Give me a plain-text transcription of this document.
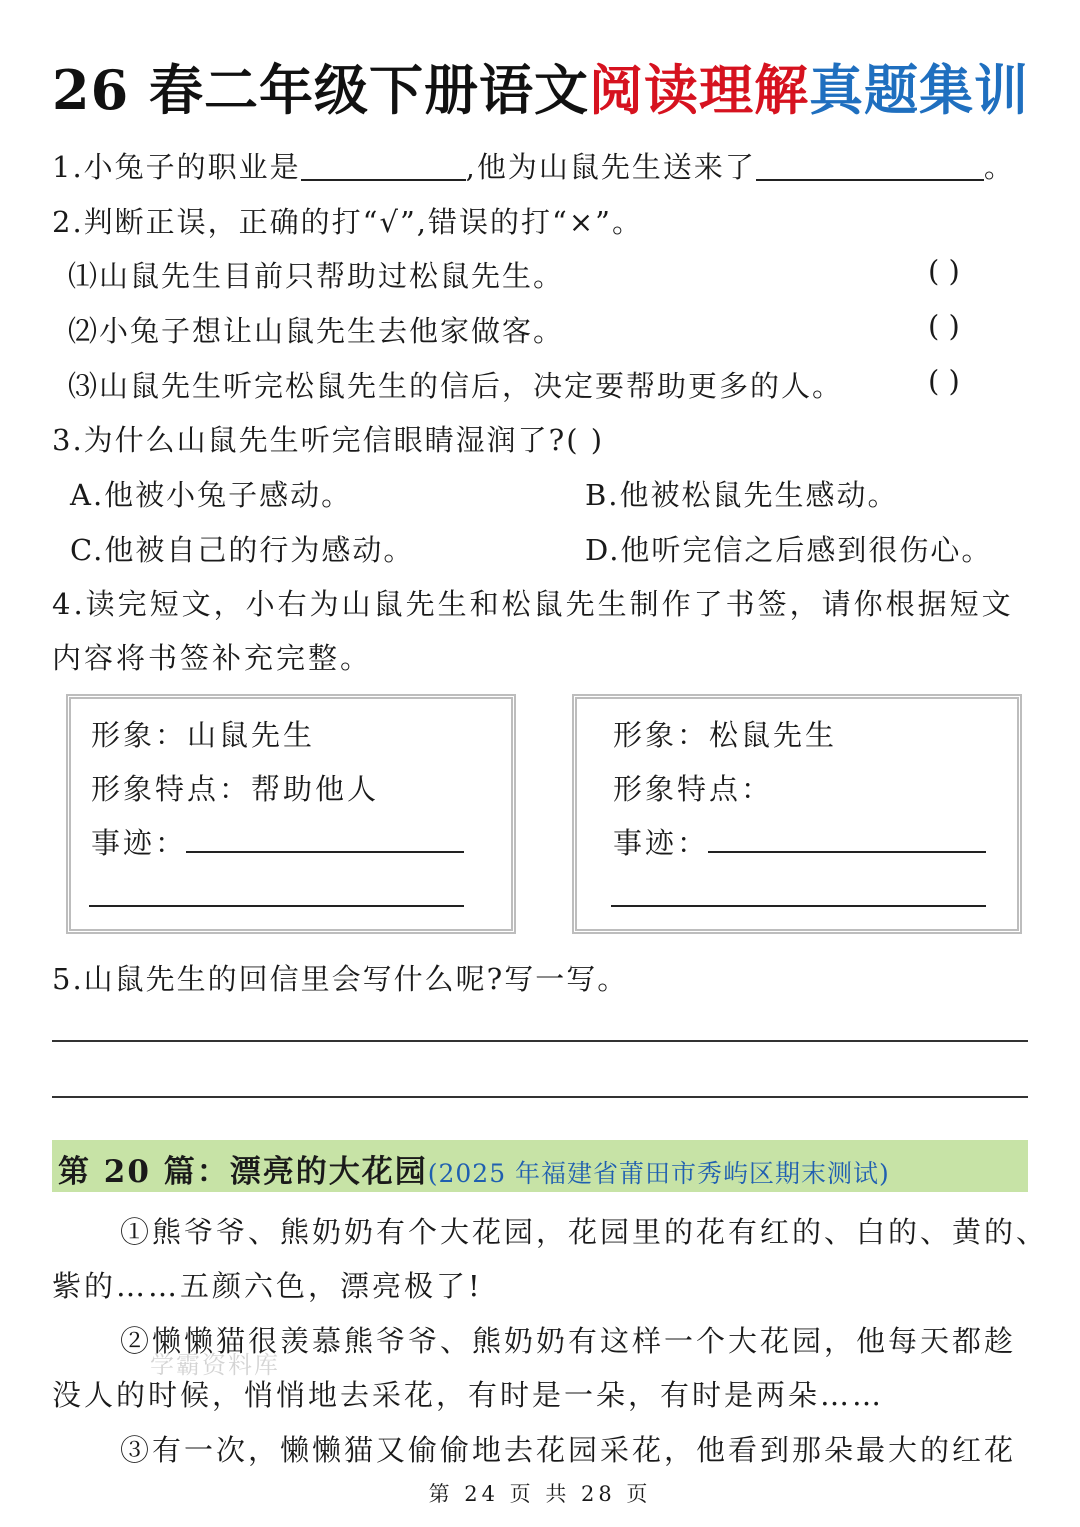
26 春二年级下册语文阅读理解真题集训
1.小兔子的职业是	,他为山鼠先生送来了	。
2.判断正误，正确的打“√”,错误的打“×”。
⑴山鼠先生目前只帮助过松鼠先生。	( )
⑵小兔子想让山鼠先生去他家做客。	( )
⑶山鼠先生听完松鼠先生的信后，决定要帮助更多的人。	( )
3.为什么山鼠先生听完信眼睛湿润了?( )
A.他被小兔子感动。	B.他被松鼠先生感动。
C.他被自己的行为感动。	D.他听完信之后感到很伤心。
4.读完短文，小右为山鼠先生和松鼠先生制作了书签，请你根据短文
内容将书签补充完整。
形象：山鼠先生
形象特点：帮助他人
事迹：
形象：松鼠先生
形象特点：
事迹：
5.山鼠先生的回信里会写什么呢?写一写。
第 20 篇：漂亮的大花园(2025 年福建省莆田市秀屿区期末测试)
①熊爷爷、熊奶奶有个大花园，花园里的花有红的、白的、黄的、
紫的……五颜六色，漂亮极了!
②懒懒猫很羡慕熊爷爷、熊奶奶有这样一个大花园，他每天都趁
没人的时候，悄悄地去采花，有时是一朵，有时是两朵……
③有一次，懒懒猫又偷偷地去花园采花，他看到那朵最大的红花
学霸资料库
第 24 页 共 28 页
